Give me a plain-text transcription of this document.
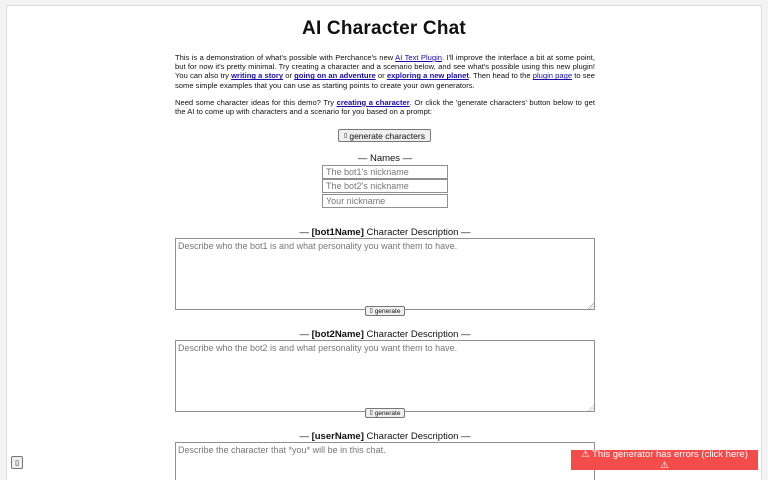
AI Character Chat

This is a demonstration of what's possible with Perchance's new AI Text Plugin. I'll improve the interface a bit at some point, but for now it's pretty minimal. Try creating a character and a scenario below, and see what's possible using this new plugin! You can also try writing a story or going on an adventure or exploring a new planet. Then head to the plugin page to see some simple examples that you can use as starting points to create your own generators.

Need some character ideas for this demo? Try creating a character. Or click the 'generate characters' button below to get the AI to come up with characters and a scenario for you based on a prompt:

▯ generate characters
— Names —
The bot1's nickname
The bot2's nickname
Your nickname
— [bot1Name] Character Description —
Describe who the bot1 is and what personality you want them to have.
▯ generate
— [bot2Name] Character Description —
Describe who the bot2 is and what personality you want them to have.
▯ generate
— [userName] Character Description —
Describe the character that *you* will be in this chat.
▯
⚠ This generator has errors (click here) ⚠
